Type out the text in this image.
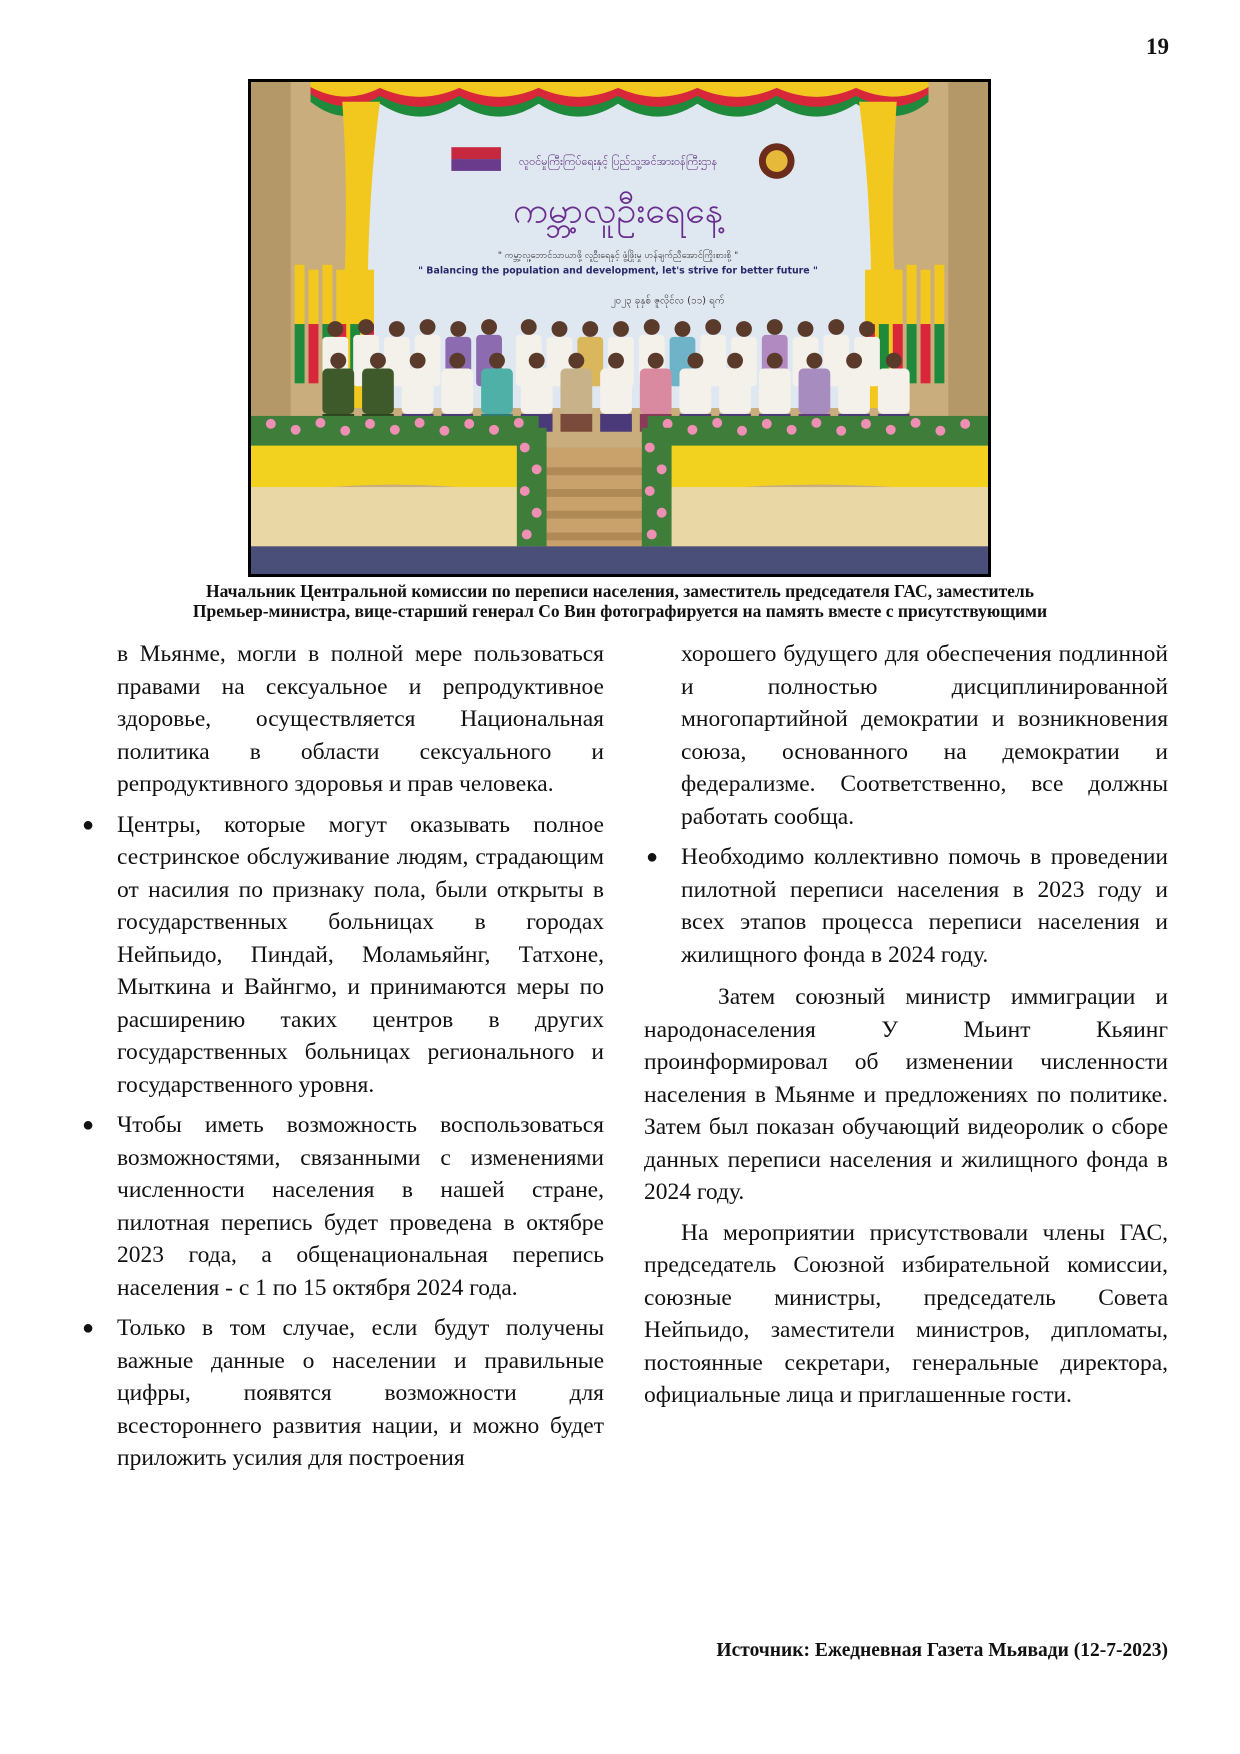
19
လူဝင်မှုကြီးကြပ်ရေးနှင့် ပြည်သူ့အင်အားဝန်ကြီးဌာန
ကမ္ဘာ့လူဦးရေနေ့
" ကမ္ဘာ့လူ့ဘောင်သာယာဖို့ လူဦးရေနှင့် ဖွံ့ဖြိုးမှု ဟန်ချက်ညီအောင်ကြိုးစားစို့ "
" Balancing the population and development, let's strive for better future "
၂၀၂၃ ခုနှစ် ဇူလိုင်လ (၁၁) ရက်
Начальник Центральной комиссии по переписи населения, заместитель председателя ГАС, заместитель
Премьер-министра, вице-старший генерал Со Вин фотографируется на память вместе с присутствующими

в Мьянме, могли в полной мере пользоваться правами на сексуальное и репродуктивное здоровье, осуществляется Национальная политика в области сексуального и репродуктивного здоровья и прав человека.

● Центры, которые могут оказывать полное сестринское обслуживание людям, страдающим от насилия по признаку пола, были открыты в государственных больницах в городах Нейпьидо, Пиндай, Моламьяйнг, Татхоне, Мыткина и Вайнгмо, и принимаются меры по расширению таких центров в других государственных больницах регионального и государственного уровня.
● Чтобы иметь возможность воспользоваться возможностями, связанными с изменениями численности населения в нашей стране, пилотная перепись будет проведена в октябре 2023 года, а общенациональная перепись населения - с 1 по 15 октября 2024 года.
● Только в том случае, если будут получены важные данные о населении и правильные цифры, появятся возможности для всестороннего развития нации, и можно будет приложить усилия для построения

хорошего будущего для обеспечения подлинной и полностью дисциплинированной многопартийной демократии и возникновения союза, основанного на демократии и федерализме. Соответственно, все должны работать сообща.

● Необходимо коллективно помочь в проведении пилотной переписи населения в 2023 году и всех этапов процесса переписи населения и жилищного фонда в 2024 году.

Затем союзный министр иммиграции и народонаселения У Мьинт Кьяинг проинформировал об изменении численности населения в Мьянме и предложениях по политике. Затем был показан обучающий видеоролик о сборе данных переписи населения и жилищного фонда в 2024 году.

На мероприятии присутствовали члены ГАС, председатель Союзной избирательной комиссии, союзные министры, председатель Совета Нейпьидо, заместители министров, дипломаты, постоянные секретари, генеральные директора, официальные лица и приглашенные гости.

Источник: Ежедневная Газета Мьявади (12-7-2023)
